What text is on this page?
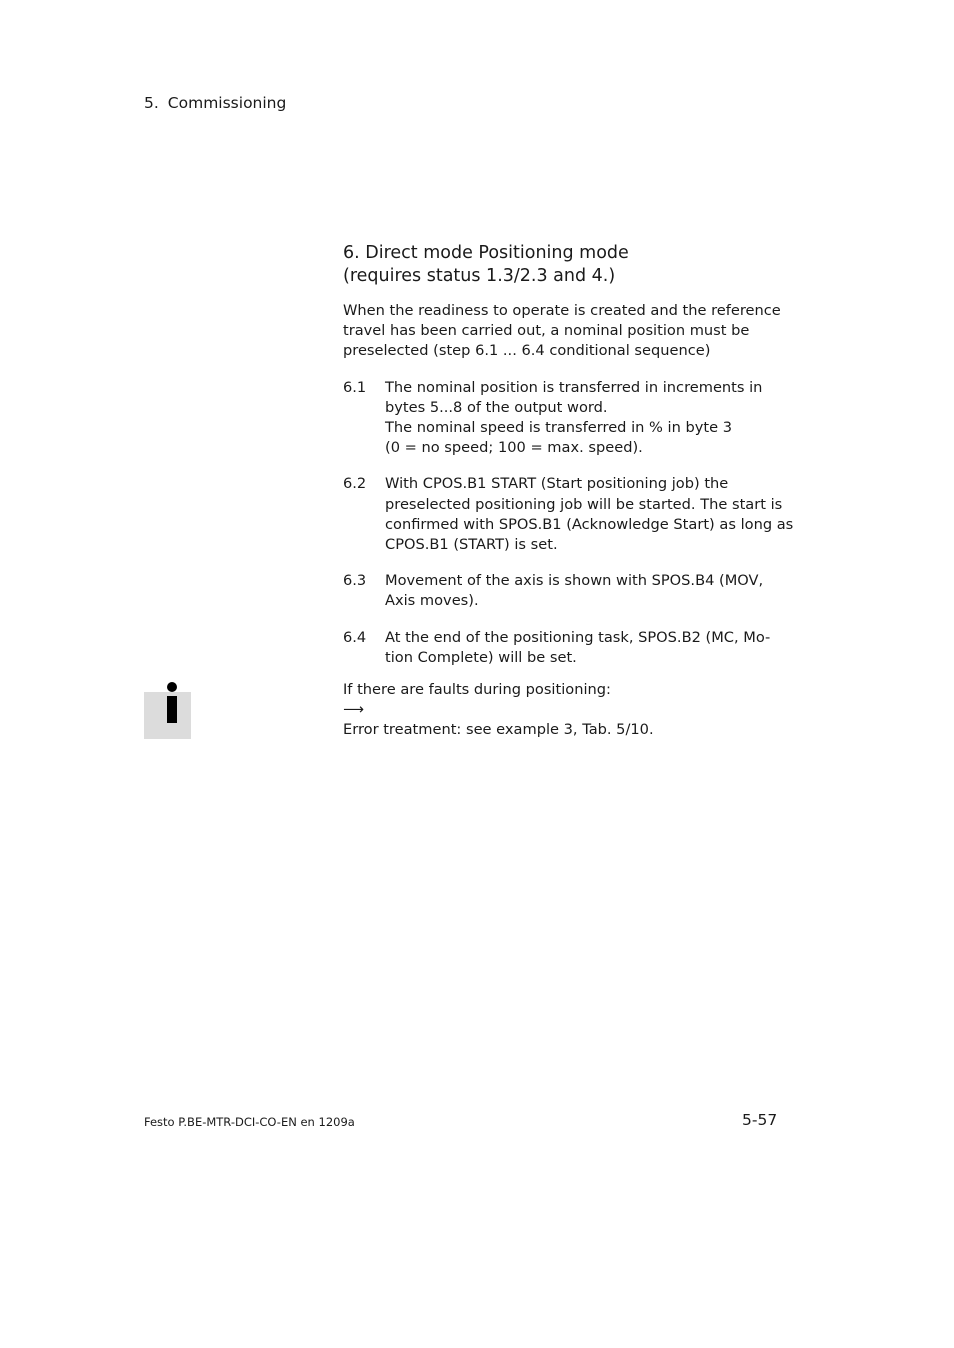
5. Commissioning
6. Direct mode Positioning mode
(requires status 1.3/2.3 and 4.)

When the readiness to operate is created and the reference
travel has been carried out, a nominal position must be
preselected (step 6.1 ... 6.4 conditional sequence)

6.1	The nominal position is transferred in increments in
bytes 5...8 of the output word.
The nominal speed is transferred in % in byte 3
(0 = no speed; 100 = max. speed).
6.2	With CPOS.B1 START (Start positioning job) the
preselected positioning job will be started. The start is
confirmed with SPOS.B1 (Acknowledge Start) as long as
CPOS.B1 (START) is set.
6.3	Movement of the axis is shown with SPOS.B4 (MOV,
Axis moves).
6.4	At the end of the positioning task, SPOS.B2 (MC, Mo-
tion Complete) will be set.
If there are faults during positioning:
⟶
Error treatment: see example 3, Tab. 5/10.
Festo P.BE-MTR-DCI-CO-EN en 1209a	5-57
